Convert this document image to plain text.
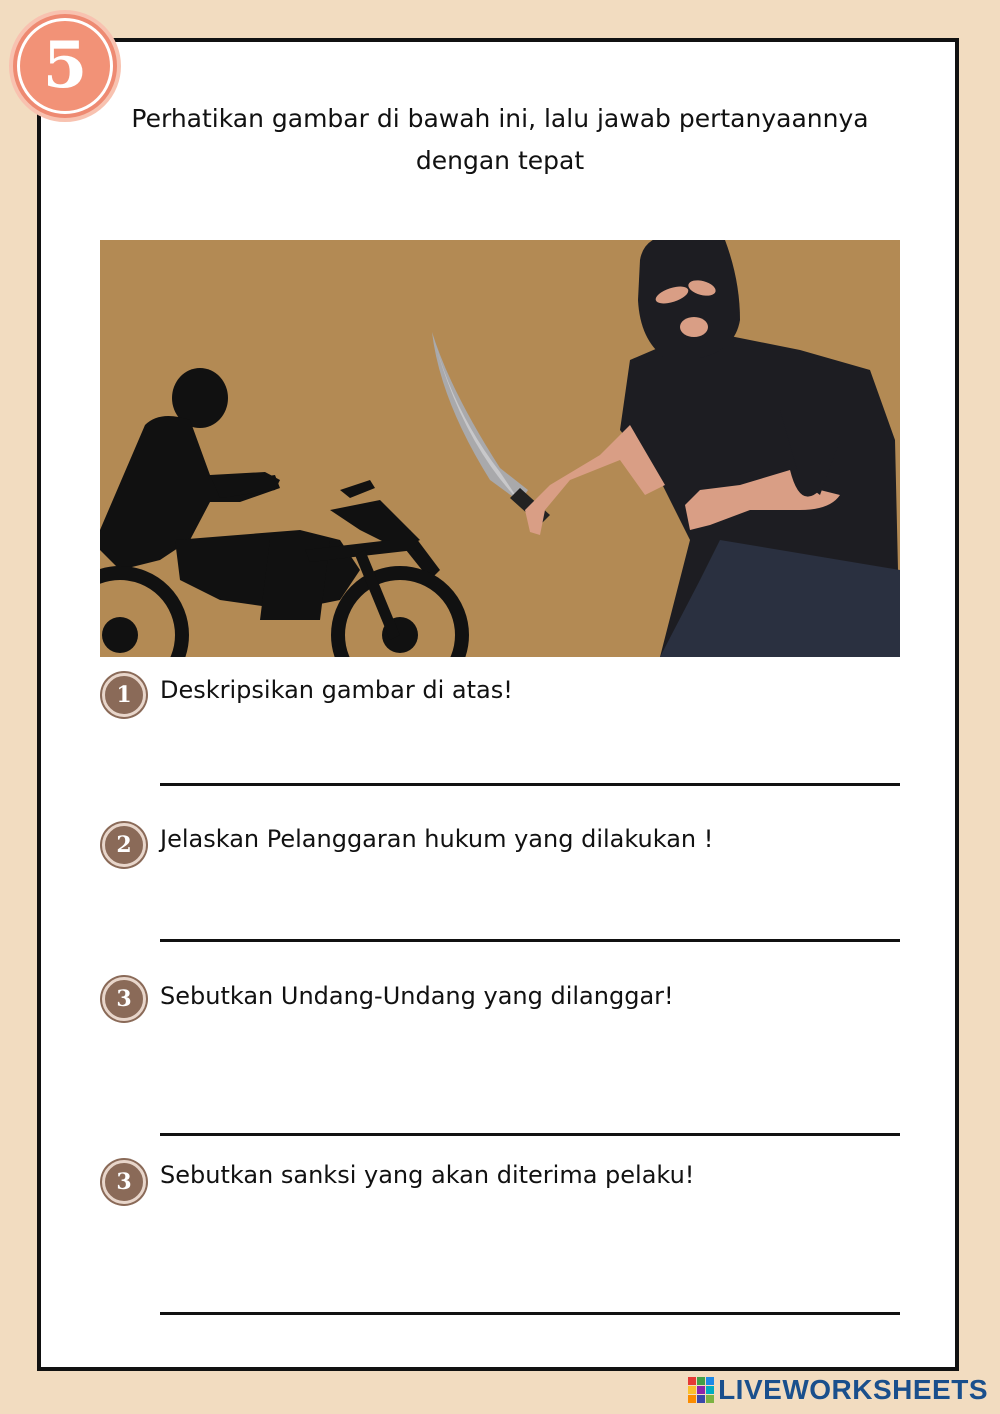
5
Perhatikan gambar di bawah ini, lalu jawab pertanyaannya dengan tepat
1	Deskripsikan gambar di atas!
2	Jelaskan Pelanggaran hukum yang dilakukan !
3	Sebutkan Undang-Undang yang dilanggar!
3	Sebutkan sanksi yang akan diterima pelaku!
LIVEWORKSHEETS
